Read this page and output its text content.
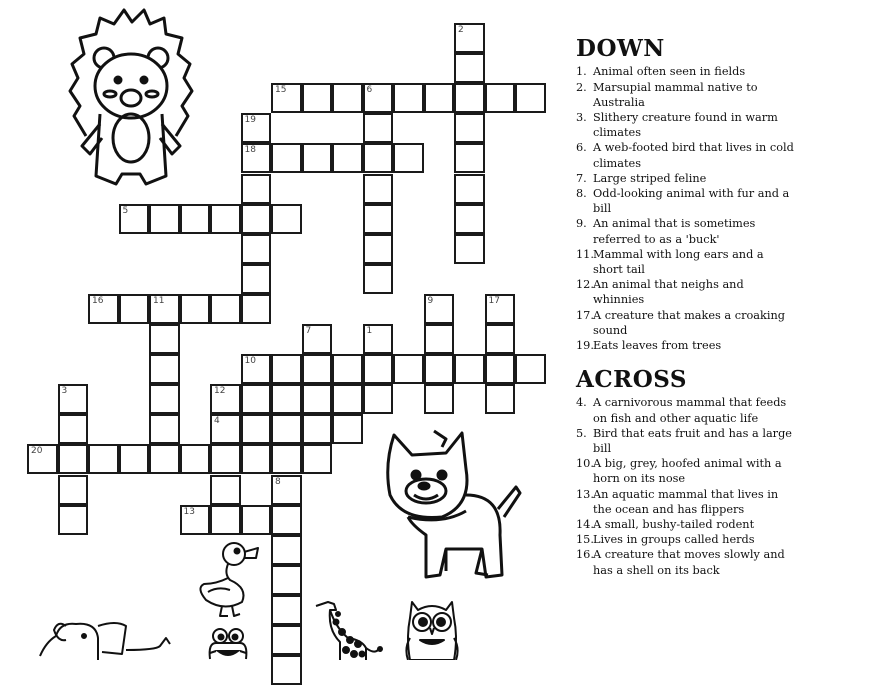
2
15	6
19
18
5
16	11	9	17
7	1
10
3	12
4
20
8
13
DOWN
1. Animal often seen in fields
2. Marsupial mammal native to Australia
3. Slithery creature found in warm climates
6. A web-footed bird that lives in cold climates
7. Large striped feline
8. Odd-looking animal with fur and a bill
9. An animal that is sometimes referred to as a 'buck'
11. Mammal with long ears and a short tail
12. An animal that neighs and whinnies
17. A creature that makes a croaking sound
19. Eats leaves from trees
ACROSS
4. A carnivorous mammal that feeds on fish and other aquatic life
5. Bird that eats fruit and has a large bill
10. A big, grey, hoofed animal with a horn on its nose
13. An aquatic mammal that lives in the ocean and has flippers
14. A small, bushy-tailed rodent
15. Lives in groups called herds
16. A creature that moves slowly and has a shell on its back
